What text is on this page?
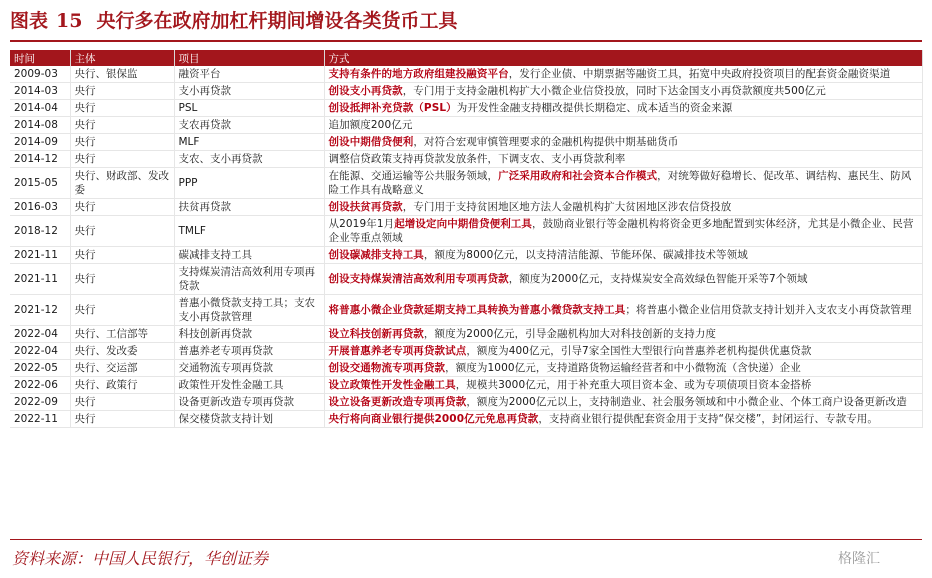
图表 15 央行多在政府加杠杆期间增设各类货币工具
时间	主体	项目	方式
2009-03	央行、银保监	融资平台	支持有条件的地方政府组建投融资平台，发行企业债、中期票据等融资工具，拓宽中央政府投资项目的配套资金融资渠道
2014-03	央行	支小再贷款	创设支小再贷款，专门用于支持金融机构扩大小微企业信贷投放，同时下达金国支小再贷款额度共500亿元
2014-04	央行	PSL	创设抵押补充贷款（PSL）为开发性金融支持棚改提供长期稳定、成本适当的资金来源
2014-08	央行	支农再贷款	追加额度200亿元
2014-09	央行	MLF	创设中期借贷便利，对符合宏观审慎管理要求的金融机构提供中期基础货币
2014-12	央行	支农、支小再贷款	调整信贷政策支持再贷款发放条件，下调支农、支小再贷款利率
2015-05	央行、财政部、发改委	PPP	在能源、交通运输等公共服务领域，广泛采用政府和社会资本合作模式，对统筹做好稳增长、促改革、调结构、惠民生、防风险工作具有战略意义
2016-03	央行	扶贫再贷款	创设扶贫再贷款，专门用于支持贫困地区地方法人金融机构扩大贫困地区涉农信贷投放
2018-12	央行	TMLF	从2019年1月起增设定向中期借贷便利工具，鼓励商业银行等金融机构将资金更多地配置到实体经济，尤其是小微企业、民营企业等重点领域
2021-11	央行	碳减排支持工具	创设碳减排支持工具，额度为8000亿元，以支持清洁能源、节能环保、碳减排技术等领域
2021-11	央行	支持煤炭清洁高效利用专项再贷款	创设支持煤炭清洁高效利用专项再贷款，额度为2000亿元，支持煤炭安全高效绿色智能开采等7个领域
2021-12	央行	普惠小微贷款支持工具；支农支小再贷款管理	将普惠小微企业贷款延期支持工具转换为普惠小微贷款支持工具；将普惠小微企业信用贷款支持计划并入支农支小再贷款管理
2022-04	央行、工信部等	科技创新再贷款	设立科技创新再贷款，额度为2000亿元，引导金融机构加大对科技创新的支持力度
2022-04	央行、发改委	普惠养老专项再贷款	开展普惠养老专项再贷款试点，额度为400亿元，引导7家全国性大型银行向普惠养老机构提供优惠贷款
2022-05	央行、交运部	交通物流专项再贷款	创设交通物流专项再贷款，额度为1000亿元，支持道路货物运输经营者和中小微物流（含快递）企业
2022-06	央行、政策行	政策性开发性金融工具	设立政策性开发性金融工具，规模共3000亿元，用于补充重大项目资本金、或为专项债项目资本金搭桥
2022-09	央行	设备更新改造专项再贷款	设立设备更新改造专项再贷款，额度为2000亿元以上，支持制造业、社会服务领域和中小微企业、个体工商户设备更新改造
2022-11	央行	保交楼贷款支持计划	央行将向商业银行提供2000亿元免息再贷款，支持商业银行提供配套资金用于支持“保交楼”，封闭运行、专款专用。
资料来源：中国人民银行，华创证券	格隆汇
